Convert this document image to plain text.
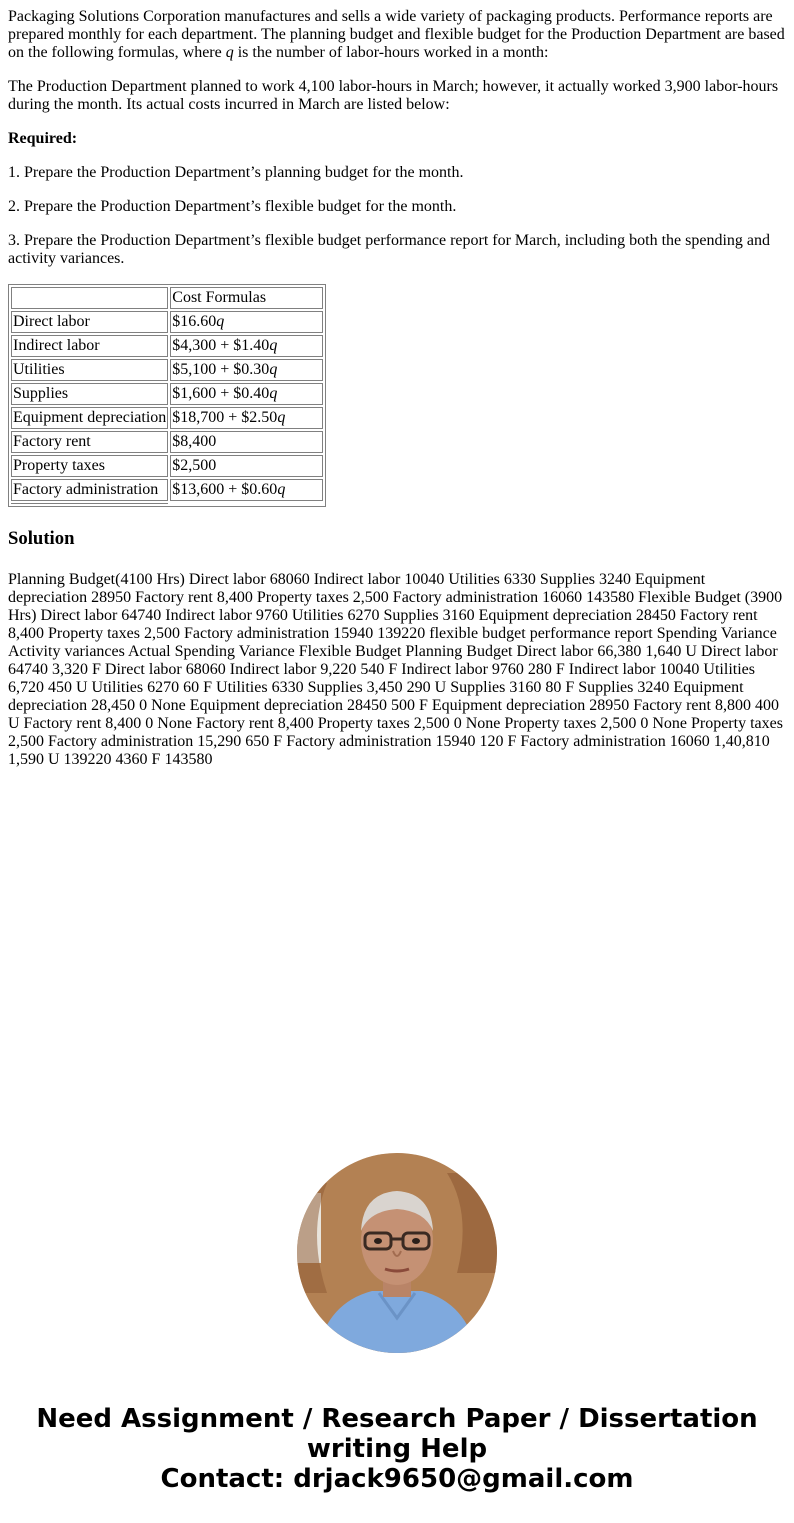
Packaging Solutions Corporation manufactures and sells a wide variety of packaging products. Performance reports are prepared monthly for each department. The planning budget and flexible budget for the Production Department are based on the following formulas, where q is the number of labor-hours worked in a month:

The Production Department planned to work 4,100 labor-hours in March; however, it actually worked 3,900 labor-hours during the month. Its actual costs incurred in March are listed below:

Required:

1. Prepare the Production Department’s planning budget for the month.

2. Prepare the Production Department’s flexible budget for the month.

3. Prepare the Production Department’s flexible budget performance report for March, including both the spending and activity variances.

	Cost Formulas
Direct labor	$16.60q
Indirect labor	$4,300 + $1.40q
Utilities	$5,100 + $0.30q
Supplies	$1,600 + $0.40q
Equipment depreciation	$18,700 + $2.50q
Factory rent	$8,400
Property taxes	$2,500
Factory administration	$13,600 + $0.60q

Solution

Planning Budget(4100 Hrs) Direct labor 68060 Indirect labor 10040 Utilities 6330 Supplies 3240 Equipment depreciation 28950 Factory rent 8,400 Property taxes 2,500 Factory administration 16060 143580 Flexible Budget (3900 Hrs) Direct labor 64740 Indirect labor 9760 Utilities 6270 Supplies 3160 Equipment depreciation 28450 Factory rent 8,400 Property taxes 2,500 Factory administration 15940 139220 flexible budget performance report Spending Variance Activity variances Actual Spending Variance Flexible Budget Planning Budget Direct labor 66,380 1,640 U Direct labor 64740 3,320 F Direct labor 68060 Indirect labor 9,220 540 F Indirect labor 9760 280 F Indirect labor 10040 Utilities 6,720 450 U Utilities 6270 60 F Utilities 6330 Supplies 3,450 290 U Supplies 3160 80 F Supplies 3240 Equipment depreciation 28,450 0 None Equipment depreciation 28450 500 F Equipment depreciation 28950 Factory rent 8,800 400 U Factory rent 8,400 0 None Factory rent 8,400 Property taxes 2,500 0 None Property taxes 2,500 0 None Property taxes 2,500 Factory administration 15,290 650 F Factory administration 15940 120 F Factory administration 16060 1,40,810 1,590 U 139220 4360 F 143580

Need Assignment / Research Paper / Dissertation
writing Help
Contact: drjack9650@gmail.com
